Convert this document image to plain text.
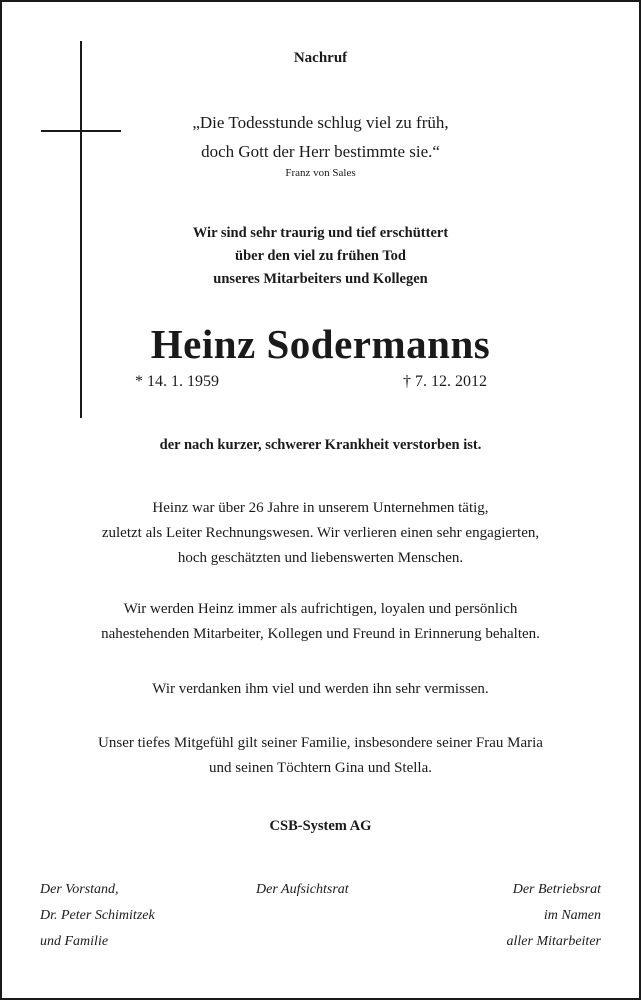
Nachruf
„Die Todesstunde schlug viel zu früh,
doch Gott der Herr bestimmte sie.“
Franz von Sales
Wir sind sehr traurig und tief erschüttert
über den viel zu frühen Tod
unseres Mitarbeiters und Kollegen
Heinz Sodermanns
* 14. 1. 1959	† 7. 12. 2012
der nach kurzer, schwerer Krankheit verstorben ist.
Heinz war über 26 Jahre in unserem Unternehmen tätig,
zuletzt als Leiter Rechnungswesen. Wir verlieren einen sehr engagierten,
hoch geschätzten und liebenswerten Menschen.
Wir werden Heinz immer als aufrichtigen, loyalen und persönlich
nahestehenden Mitarbeiter, Kollegen und Freund in Erinnerung behalten.
Wir verdanken ihm viel und werden ihn sehr vermissen.
Unser tiefes Mitgefühl gilt seiner Familie, insbesondere seiner Frau Maria
und seinen Töchtern Gina und Stella.
CSB-System AG
Der Vorstand,
Dr. Peter Schimitzek
und Familie
Der Aufsichtsrat	Der Betriebsrat
im Namen
aller Mitarbeiter
